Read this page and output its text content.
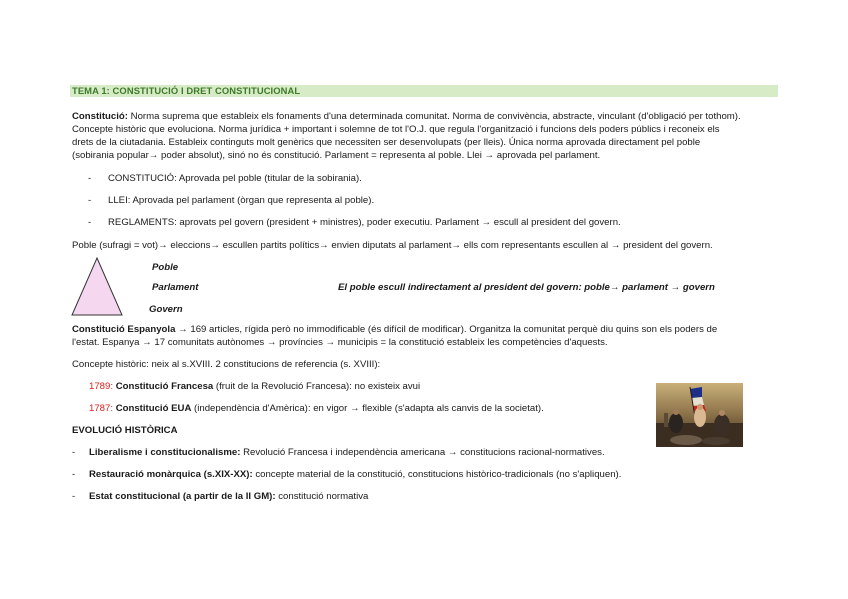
TEMA 1: CONSTITUCIÓ I DRET CONSTITUCIONAL
Constitució: Norma suprema que estableix els fonaments d'una determinada comunitat. Norma de convivència, abstracte, vinculant (d'obligació per tothom).
Concepte històric que evoluciona. Norma jurídica + important i solemne de tot l'O.J. que regula l'organització i funcions dels poders públics i reconeix els
drets de la ciutadania. Estableix continguts molt genèrics que necessiten ser desenvolupats (per lleis). Única norma aprovada directament pel poble
(sobirania popular→ poder absolut), sinó no és constitució. Parlament = representa al poble. Llei → aprovada pel parlament.
- CONSTITUCIÓ: Aprovada pel poble (titular de la sobirania).
- LLEI: Aprovada pel parlament (òrgan que representa al poble).
- REGLAMENTS: aprovats pel govern (president + ministres), poder executiu. Parlament → escull al president del govern.
Poble (sufragi = vot)→ eleccions→ escullen partits polítics→ envien diputats al parlament→ ells com representants escullen al → president del govern.
Poble
Parlament
Govern
El poble escull indirectament al president del govern: poble→ parlament → govern
Constitució Espanyola → 169 articles, rígida però no immodificable (és difícil de modificar). Organitza la comunitat perquè diu quins son els poders de
l'estat. Espanya → 17 comunitats autònomes → províncies → municipis = la constitució estableix les competències d'aquests.
Concepte històric: neix al s.XVIII. 2 constitucions de referencia (s. XVIII):
1789: Constitució Francesa (fruit de la Revolució Francesa): no existeix avui
1787: Constitució EUA (independència d'Amèrica): en vigor → flexible (s'adapta als canvis de la societat).
EVOLUCIÓ HISTÒRICA
- Liberalisme i constitucionalisme: Revolució Francesa i independència americana → constitucions racional-normatives.
- Restauració monàrquica (s.XIX-XX): concepte material de la constitució, constitucions històrico-tradicionals (no s'apliquen).
- Estat constitucional (a partir de la II GM): constitució normativa
